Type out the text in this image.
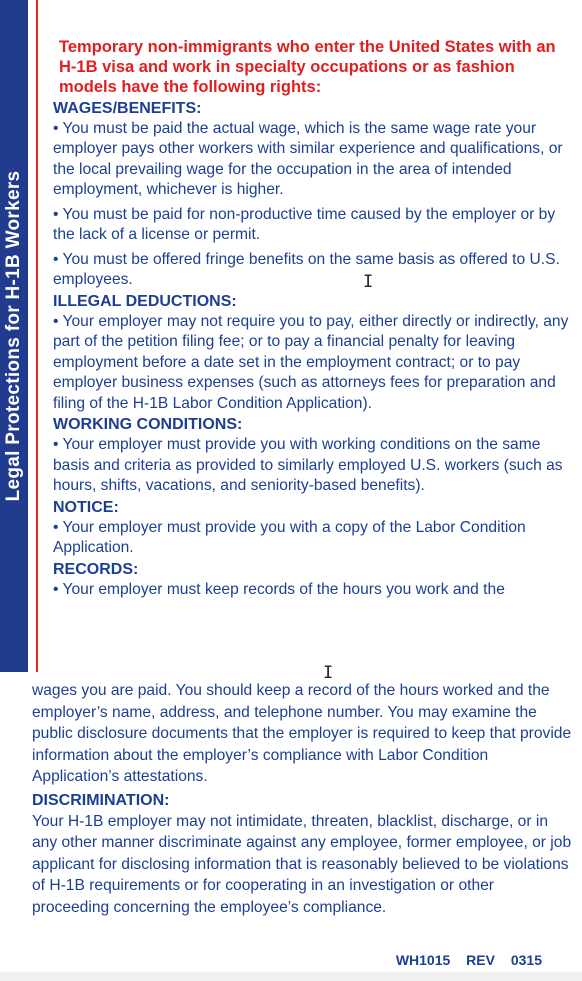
Legal Protections for H-1B Workers

Temporary non-immigrants who enter the United States with an H-1B visa and work in specialty occupations or as fashion models have the following rights:

WAGES/BENEFITS:

• You must be paid the actual wage, which is the same wage rate your employer pays other workers with similar experience and qualifications, or the local prevailing wage for the occupation in the area of intended employment, whichever is higher.

• You must be paid for non-productive time caused by the employer or by the lack of a license or permit.

• You must be offered fringe benefits on the same basis as offered to U.S. employees.

ILLEGAL DEDUCTIONS:

• Your employer may not require you to pay, either directly or indirectly, any part of the petition filing fee; or to pay a financial penalty for leaving employment before a date set in the employment contract; or to pay employer business expenses (such as attorneys fees for preparation and filing of the H-1B Labor Condition Application).

WORKING CONDITIONS:

• Your employer must provide you with working conditions on the same basis and criteria as provided to similarly employed U.S. workers (such as hours, shifts, vacations, and seniority-based benefits).

NOTICE:

• Your employer must provide you with a copy of the Labor Condition Application.

RECORDS:

• Your employer must keep records of the hours you work and the

I
I

wages you are paid. You should keep a record of the hours worked and the employer’s name, address, and telephone number. You may examine the public disclosure documents that the employer is required to keep that provide information about the employer’s compliance with Labor Condition Application’s attestations.

DISCRIMINATION:

Your H-1B employer may not intimidate, threaten, blacklist, discharge, or in any other manner discriminate against any employee, former employee, or job applicant for disclosing information that is reasonably believed to be violations of H-1B requirements or for cooperating in an investigation or other proceeding concerning the employee’s compliance.

WH1015 REV 0315
